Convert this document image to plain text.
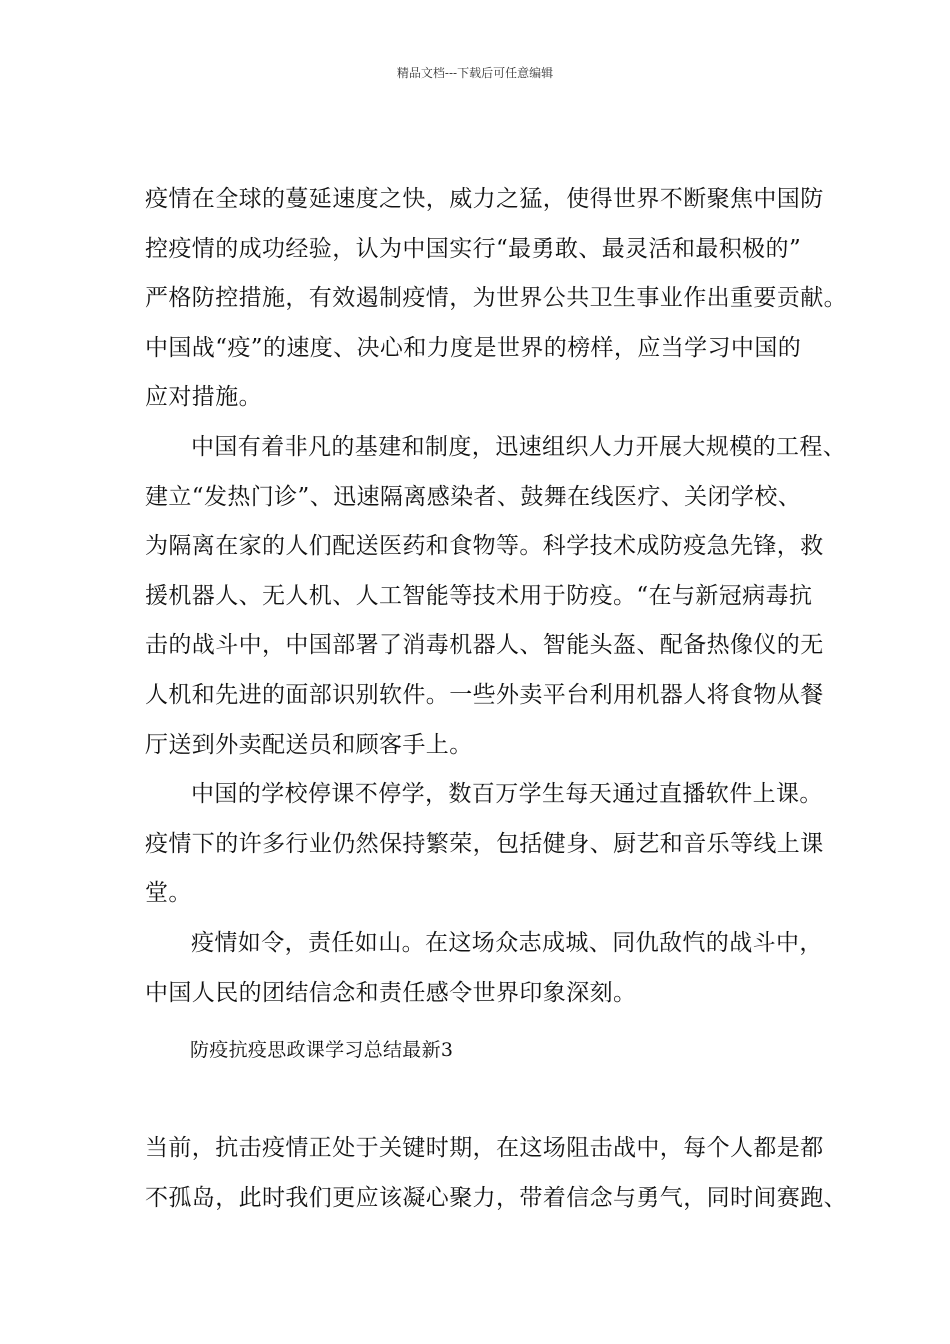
精品文档---下载后可任意编辑

疫情在全球的蔓延速度之快，威力之猛，使得世界不断聚焦中国防
控疫情的成功经验，认为中国实行“最勇敢、最灵活和最积极的”
严格防控措施，有效遏制疫情，为世界公共卫生事业作出重要贡献。
中国战“疫”的速度、决心和力度是世界的榜样，应当学习中国的
应对措施。

中国有着非凡的基建和制度，迅速组织人力开展大规模的工程、
建立“发热门诊”、迅速隔离感染者、鼓舞在线医疗、关闭学校、
为隔离在家的人们配送医药和食物等。科学技术成防疫急先锋，救
援机器人、无人机、人工智能等技术用于防疫。“在与新冠病毒抗
击的战斗中，中国部署了消毒机器人、智能头盔、配备热像仪的无
人机和先进的面部识别软件。一些外卖平台利用机器人将食物从餐
厅送到外卖配送员和顾客手上。

中国的学校停课不停学，数百万学生每天通过直播软件上课。
疫情下的许多行业仍然保持繁荣，包括健身、厨艺和音乐等线上课
堂。

疫情如令，责任如山。在这场众志成城、同仇敌忾的战斗中，
中国人民的团结信念和责任感令世界印象深刻。

防疫抗疫思政课学习总结最新3

当前，抗击疫情正处于关键时期，在这场阻击战中，每个人都是都
不孤岛，此时我们更应该凝心聚力，带着信念与勇气，同时间赛跑、
